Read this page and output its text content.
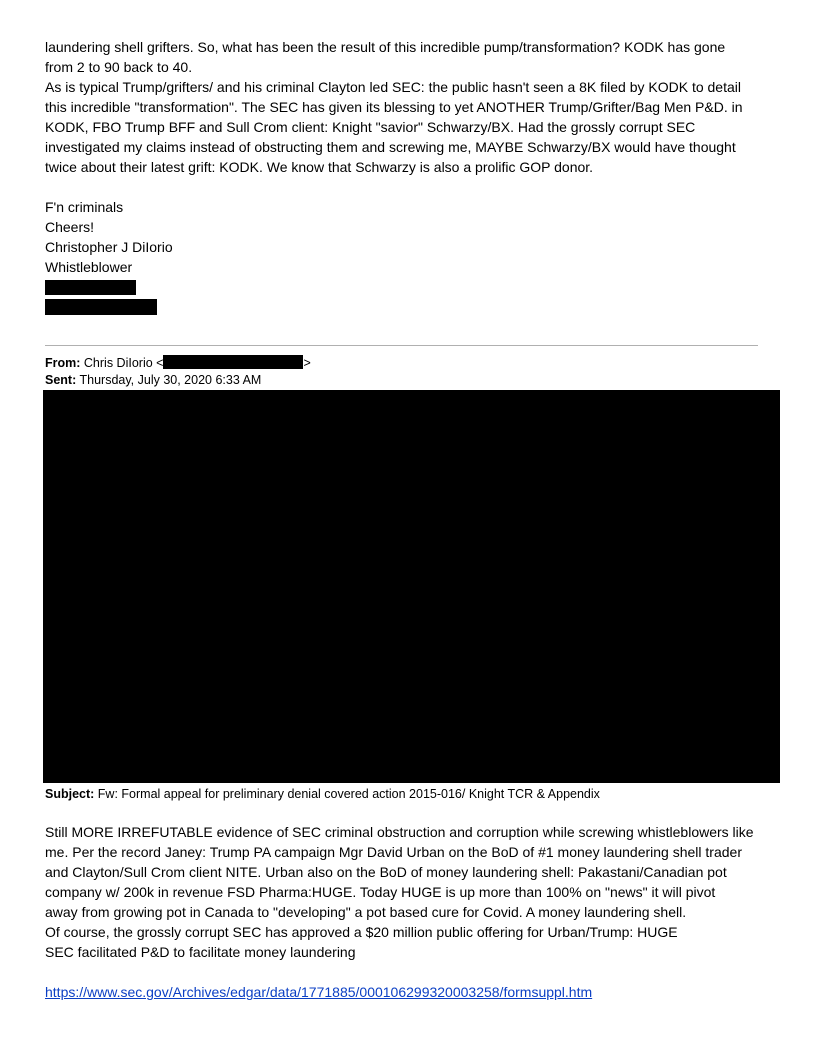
laundering shell grifters. So, what has been the result of this incredible pump/transformation? KODK has gone
from 2 to 90 back to 40.
As is typical Trump/grifters/ and his criminal Clayton led SEC: the public hasn't seen a 8K filed by KODK to detail
this incredible "transformation". The SEC has given its blessing to yet ANOTHER Trump/Grifter/Bag Men P&D. in
KODK, FBO Trump BFF and Sull Crom client: Knight "savior" Schwarzy/BX. Had the grossly corrupt SEC
investigated my claims instead of obstructing them and screwing me, MAYBE Schwarzy/BX would have thought
twice about their latest grift: KODK. We know that Schwarzy is also a prolific GOP donor.
F'n criminals
Cheers!
Christopher J DiIorio
Whistleblower
From: Chris DiIorio <	>
Sent: Thursday, July 30, 2020 6:33 AM
Subject: Fw: Formal appeal for preliminary denial covered action 2015-016/ Knight TCR & Appendix
Still MORE IRREFUTABLE evidence of SEC criminal obstruction and corruption while screwing whistleblowers like
me. Per the record Janey: Trump PA campaign Mgr David Urban on the BoD of #1 money laundering shell trader
and Clayton/Sull Crom client NITE. Urban also on the BoD of money laundering shell: Pakastani/Canadian pot
company w/ 200k in revenue FSD Pharma:HUGE. Today HUGE is up more than 100% on "news" it will pivot
away from growing pot in Canada to "developing" a pot based cure for Covid. A money laundering shell.
Of course, the grossly corrupt SEC has approved a $20 million public offering for Urban/Trump: HUGE
SEC facilitated P&D to facilitate money laundering
https://www.sec.gov/Archives/edgar/data/1771885/000106299320003258/formsuppl.htm
